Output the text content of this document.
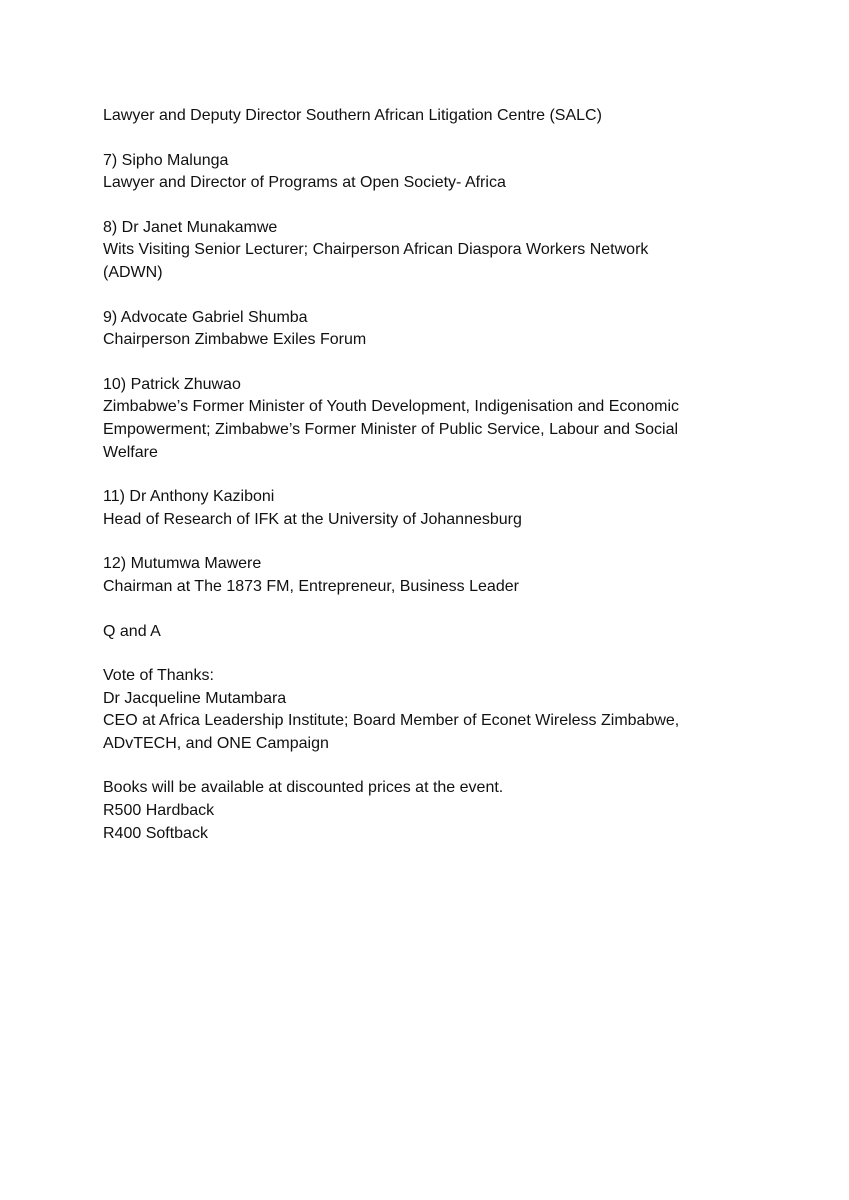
Lawyer and Deputy Director Southern African Litigation Centre (SALC)
7) Sipho Malunga
Lawyer and Director of Programs at Open Society- Africa
8) Dr Janet Munakamwe
Wits Visiting Senior Lecturer; Chairperson African Diaspora Workers Network
(ADWN)
9) Advocate Gabriel Shumba
Chairperson Zimbabwe Exiles Forum
10) Patrick Zhuwao
Zimbabwe’s Former Minister of Youth Development, Indigenisation and Economic
Empowerment; Zimbabwe’s Former Minister of Public Service, Labour and Social
Welfare
11) Dr Anthony Kaziboni
Head of Research of IFK at the University of Johannesburg
12) Mutumwa Mawere
Chairman at The 1873 FM, Entrepreneur, Business Leader
Q and A
Vote of Thanks:
Dr Jacqueline Mutambara
CEO at Africa Leadership Institute; Board Member of Econet Wireless Zimbabwe,
ADvTECH, and ONE Campaign
Books will be available at discounted prices at the event.
R500 Hardback
R400 Softback
